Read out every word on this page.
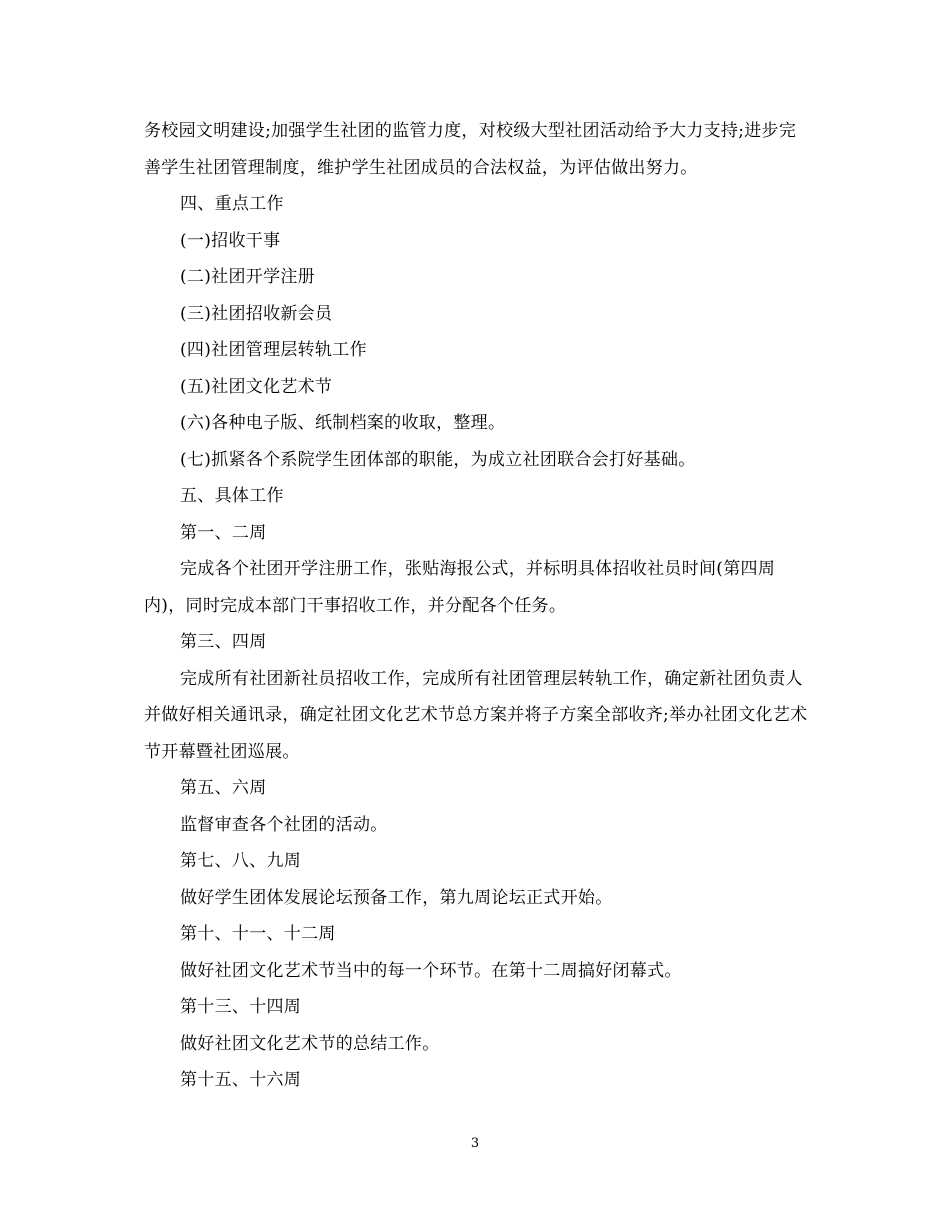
务校园文明建设;加强学生社团的监管力度，对校级大型社团活动给予大力支持;进步完善学生社团管理制度，维护学生社团成员的合法权益，为评估做出努力。

四、重点工作

(一)招收干事

(二)社团开学注册

(三)社团招收新会员

(四)社团管理层转轨工作

(五)社团文化艺术节

(六)各种电子版、纸制档案的收取，整理。

(七)抓紧各个系院学生团体部的职能，为成立社团联合会打好基础。

五、具体工作

第一、二周

完成各个社团开学注册工作，张贴海报公式，并标明具体招收社员时间(第四周内)，同时完成本部门干事招收工作，并分配各个任务。

第三、四周

完成所有社团新社员招收工作，完成所有社团管理层转轨工作，确定新社团负责人并做好相关通讯录，确定社团文化艺术节总方案并将子方案全部收齐;举办社团文化艺术节开幕暨社团巡展。

第五、六周

监督审查各个社团的活动。

第七、八、九周

做好学生团体发展论坛预备工作，第九周论坛正式开始。

第十、十一、十二周

做好社团文化艺术节当中的每一个环节。在第十二周搞好闭幕式。

第十三、十四周

做好社团文化艺术节的总结工作。

第十五、十六周

3
